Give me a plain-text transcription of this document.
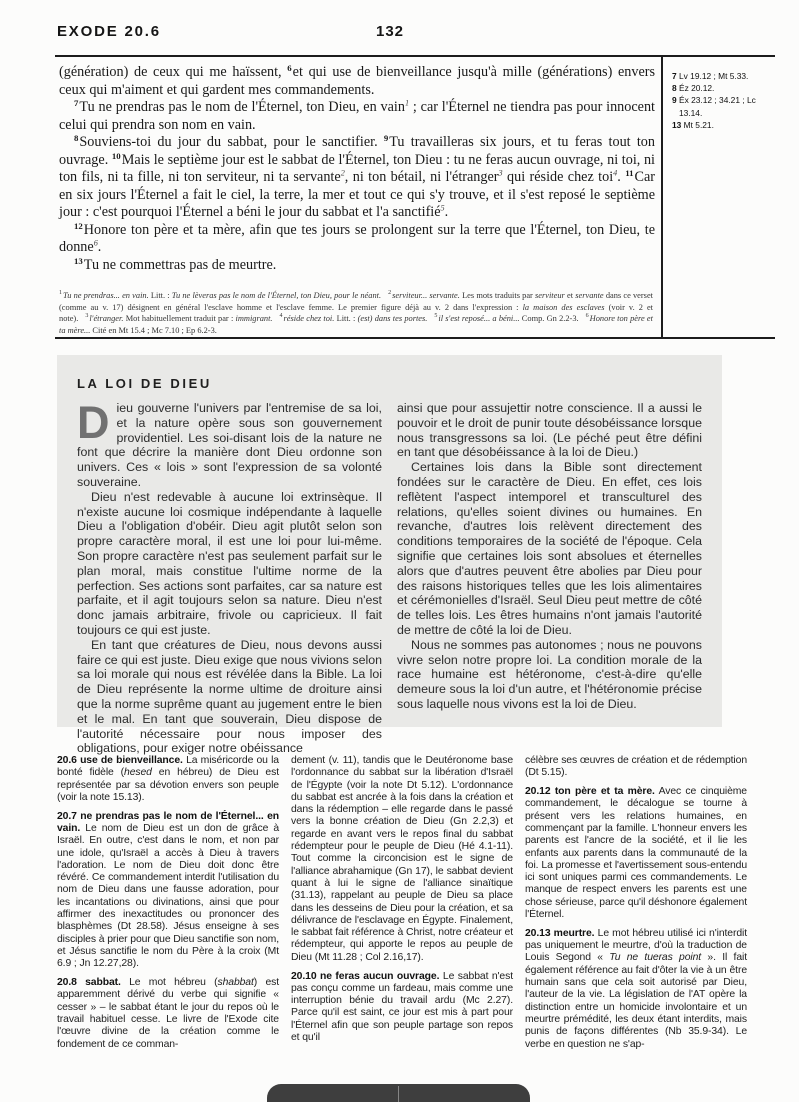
EXODE 20.6	132

(génération) de ceux qui me haïssent, $^6$et qui use de bienveillance jusqu'à mille (générations) envers ceux qui m'aiment et qui gardent mes commandements.

$^7$Tu ne prendras pas le nom de l'Éternel, ton Dieu, en vain$^1$ ; car l'Éternel ne tiendra pas pour innocent celui qui prendra son nom en vain.

$^8$Souviens-toi du jour du sabbat, pour le sanctifier. $^9$Tu travailleras six jours, et tu feras tout ton ouvrage. $^{10}$Mais le septième jour est le sabbat de l'Éternel, ton Dieu : tu ne feras aucun ouvrage, ni toi, ni ton fils, ni ta fille, ni ton serviteur, ni ta servante$^2$, ni ton bétail, ni l'étranger$^3$ qui réside chez toi$^4$. $^{11}$Car en six jours l'Éternel a fait le ciel, la terre, la mer et tout ce qui s'y trouve, et il s'est reposé le septième jour : c'est pourquoi l'Éternel a béni le jour du sabbat et l'a sanctifié$^5$.

$^{12}$Honore ton père et ta mère, afin que tes jours se prolongent sur la terre que l'Éternel, ton Dieu, te donne$^6$.

$^{13}$Tu ne commettras pas de meurtre.

7 Lv 19.12 ; Mt 5.33.
8 Éz 20.12.
9 Éx 23.12 ; 34.21 ; Lc 13.14.
13 Mt 5.21.
$^1$Tu ne prendras... en vain. Litt. : Tu ne lèveras pas le nom de l'Éternel, ton Dieu, pour le néant. $^2$serviteur... servante. Les mots traduits par serviteur et servante dans ce verset (comme au v. 17) désignent en général l'esclave homme et l'esclave femme. Le premier figure déjà au v. 2 dans l'expression : la maison des esclaves (voir v. 2 et note). $^3$l'étranger. Mot habituellement traduit par : immigrant. $^4$réside chez toi. Litt. : (est) dans tes portes. $^5$il s'est reposé... a béni... Comp. Gn 2.2-3. $^6$Honore ton père et ta mère... Cité en Mt 15.4 ; Mc 7.10 ; Ep 6.2-3.
LA LOI DE DIEU

Dieu gouverne l'univers par l'entremise de sa loi, et la nature opère sous son gouvernement providentiel. Les soi-disant lois de la nature ne font que décrire la manière dont Dieu ordonne son univers. Ces « lois » sont l'expression de sa volonté souveraine.

Dieu n'est redevable à aucune loi extrinsèque. Il n'existe aucune loi cosmique indépendante à laquelle Dieu a l'obligation d'obéir. Dieu agit plutôt selon son propre caractère moral, il est une loi pour lui-même. Son propre caractère n'est pas seulement parfait sur le plan moral, mais constitue l'ultime norme de la perfection. Ses actions sont parfaites, car sa nature est parfaite, et il agit toujours selon sa nature. Dieu n'est donc jamais arbitraire, frivole ou capricieux. Il fait toujours ce qui est juste.

En tant que créatures de Dieu, nous devons aussi faire ce qui est juste. Dieu exige que nous vivions selon sa loi morale qui nous est révélée dans la Bible. La loi de Dieu représente la norme ultime de droiture ainsi que la norme suprême quant au jugement entre le bien et le mal. En tant que souverain, Dieu dispose de l'autorité nécessaire pour nous imposer des obligations, pour exiger notre obéissance

ainsi que pour assujettir notre conscience. Il a aussi le pouvoir et le droit de punir toute désobéissance lorsque nous transgressons sa loi. (Le péché peut être défini en tant que désobéissance à la loi de Dieu.)

Certaines lois dans la Bible sont directement fondées sur le caractère de Dieu. En effet, ces lois reflètent l'aspect intemporel et transculturel des relations, qu'elles soient divines ou humaines. En revanche, d'autres lois relèvent directement des conditions temporaires de la société de l'époque. Cela signifie que certaines lois sont absolues et éternelles alors que d'autres peuvent être abolies par Dieu pour des raisons historiques telles que les lois alimentaires et cérémonielles d'Israël. Seul Dieu peut mettre de côté de telles lois. Les êtres humains n'ont jamais l'autorité de mettre de côté la loi de Dieu.

Nous ne sommes pas autonomes ; nous ne pouvons vivre selon notre propre loi. La condition morale de la race humaine est hétéronome, c'est-à-dire qu'elle demeure sous la loi d'un autre, et l'hétéronomie précise sous laquelle nous vivons est la loi de Dieu.

20.6 use de bienveillance. La miséricorde ou la bonté fidèle (hesed en hébreu) de Dieu est représentée par sa dévotion envers son peuple (voir la note 15.13).

20.7 ne prendras pas le nom de l'Éternel... en vain. Le nom de Dieu est un don de grâce à Israël. En outre, c'est dans le nom, et non par une idole, qu'Israël a accès à Dieu à travers l'adoration. Le nom de Dieu doit donc être révéré. Ce commandement interdit l'utilisation du nom de Dieu dans une fausse adoration, pour les incantations ou divinations, ainsi que pour affirmer des inexactitudes ou prononcer des blasphèmes (Dt 28.58). Jésus enseigne à ses disciples à prier pour que Dieu sanctifie son nom, et Jésus sanctifie le nom du Père à la croix (Mt 6.9 ; Jn 12.27,28).

20.8 sabbat. Le mot hébreu (shabbat) est apparemment dérivé du verbe qui signifie « cesser » – le sabbat étant le jour du repos où le travail habituel cesse. Le livre de l'Exode cite l'œuvre divine de la création comme le fondement de ce comman-

dement (v. 11), tandis que le Deutéronome base l'ordonnance du sabbat sur la libération d'Israël de l'Égypte (voir la note Dt 5.12). L'ordonnance du sabbat est ancrée à la fois dans la création et dans la rédemption – elle regarde dans le passé vers la bonne création de Dieu (Gn 2.2,3) et regarde en avant vers le repos final du sabbat rédempteur pour le peuple de Dieu (Hé 4.1-11). Tout comme la circoncision est le signe de l'alliance abrahamique (Gn 17), le sabbat devient quant à lui le signe de l'alliance sinaïtique (31.13), rappelant au peuple de Dieu sa place dans les desseins de Dieu pour la création, et sa délivrance de l'esclavage en Égypte. Finalement, le sabbat fait référence à Christ, notre créateur et rédempteur, qui apporte le repos au peuple de Dieu (Mt 11.28 ; Col 2.16,17).

20.10 ne feras aucun ouvrage. Le sabbat n'est pas conçu comme un fardeau, mais comme une interruption bénie du travail ardu (Mc 2.27). Parce qu'il est saint, ce jour est mis à part pour l'Éternel afin que son peuple partage son repos et qu'il

célèbre ses œuvres de création et de rédemption (Dt 5.15).

20.12 ton père et ta mère. Avec ce cinquième commandement, le décalogue se tourne à présent vers les relations humaines, en commençant par la famille. L'honneur envers les parents est l'ancre de la société, et il lie les enfants aux parents dans la communauté de la foi. La promesse et l'avertissement sous-entendu ici sont uniques parmi ces commandements. Le manque de respect envers les parents est une chose sérieuse, parce qu'il déshonore également l'Éternel.

20.13 meurtre. Le mot hébreu utilisé ici n'interdit pas uniquement le meurtre, d'où la traduction de Louis Segond « Tu ne tueras point ». Il fait également référence au fait d'ôter la vie à un être humain sans que cela soit autorisé par Dieu, l'auteur de la vie. La législation de l'AT opère la distinction entre un homicide involontaire et un meurtre prémédité, les deux étant interdits, mais punis de façons différentes (Nb 35.9-34). Le verbe en question ne s'ap-
